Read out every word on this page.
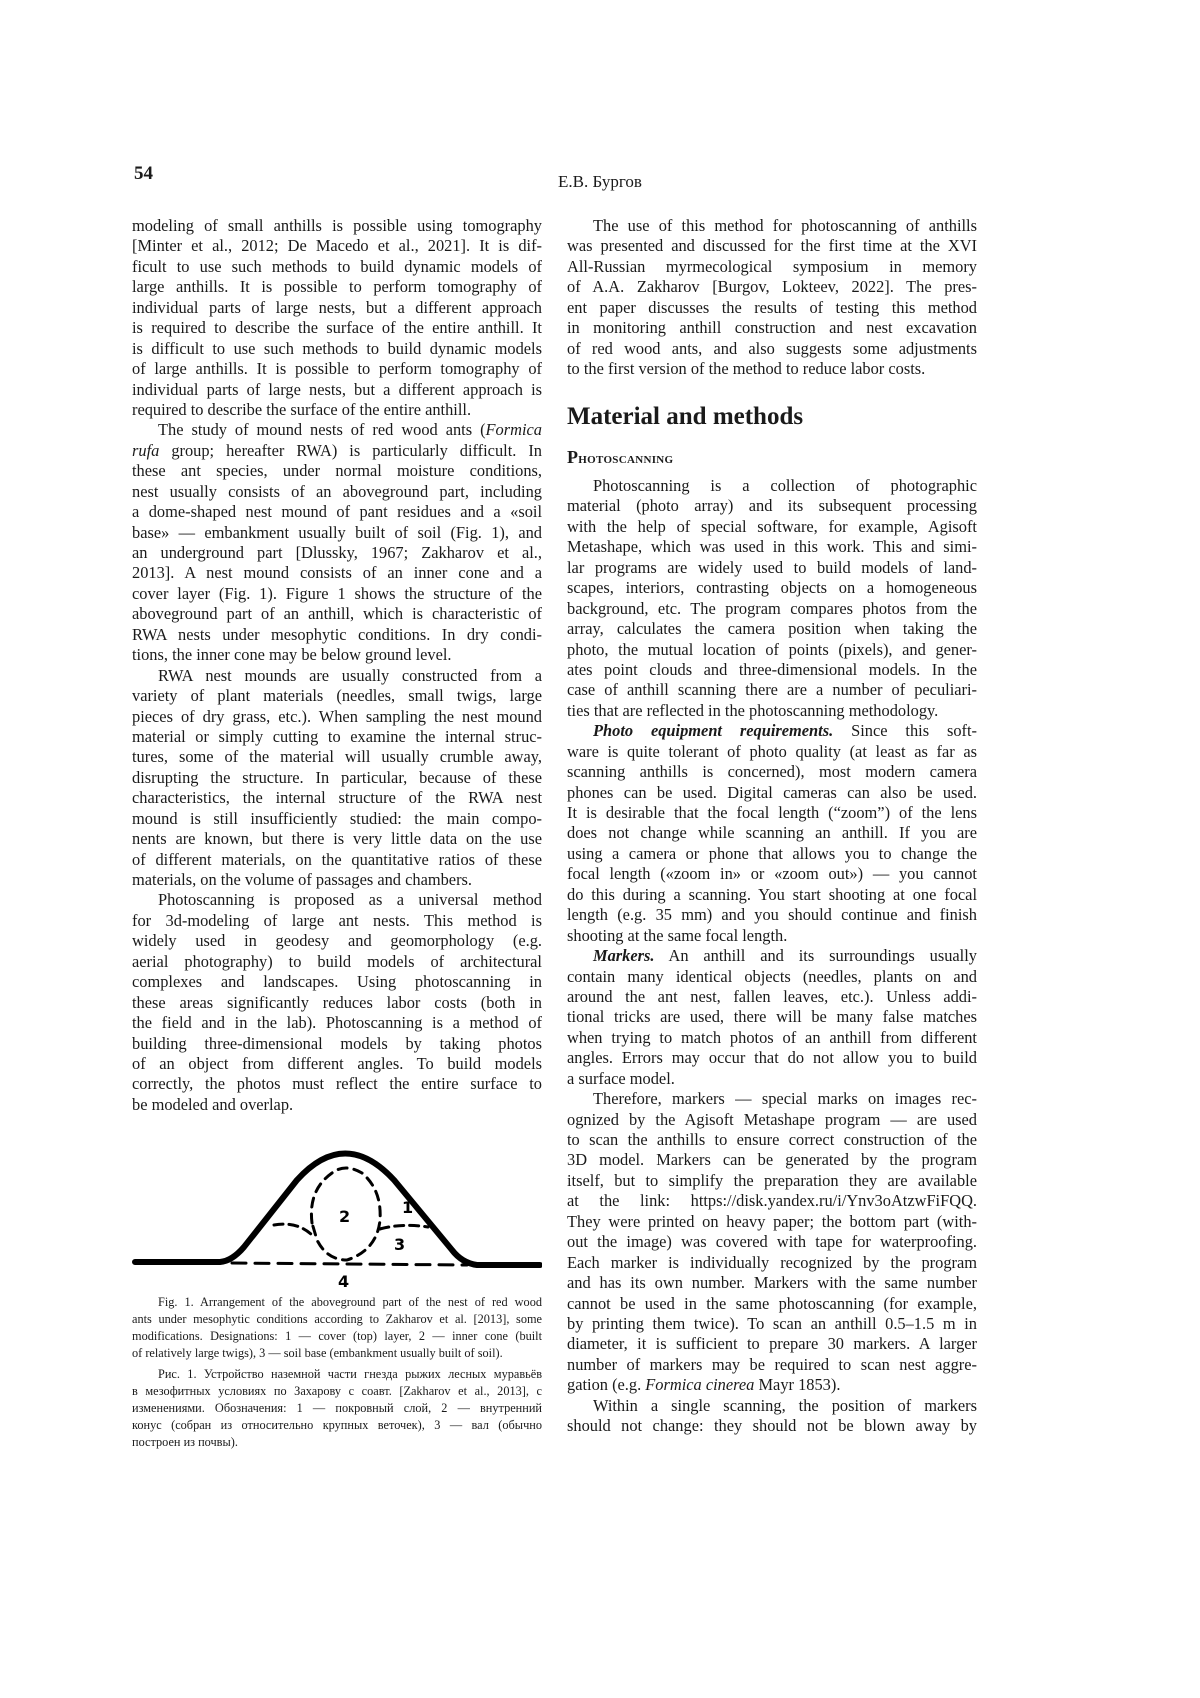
54	Е.В. Бургов
modeling of small anthills is possible using tomography
[Minter et al., 2012; De Macedo et al., 2021]. It is dif-
ficult to use such methods to build dynamic models of
large anthills. It is possible to perform tomography of
individual parts of large nests, but a different approach
is required to describe the surface of the entire anthill. It
is difficult to use such methods to build dynamic models
of large anthills. It is possible to perform tomography of
individual parts of large nests, but a different approach is
required to describe the surface of the entire anthill.
The study of mound nests of red wood ants (Formica
rufa group; hereafter RWA) is particularly difficult. In
these ant species, under normal moisture conditions,
nest usually consists of an aboveground part, including
a dome-shaped nest mound of pant residues and a «soil
base» — embankment usually built of soil (Fig. 1), and
an underground part [Dlussky, 1967; Zakharov et al.,
2013]. A nest mound consists of an inner cone and a
cover layer (Fig. 1). Figure 1 shows the structure of the
aboveground part of an anthill, which is characteristic of
RWA nests under mesophytic conditions. In dry condi-
tions, the inner cone may be below ground level.
RWA nest mounds are usually constructed from a
variety of plant materials (needles, small twigs, large
pieces of dry grass, etc.). When sampling the nest mound
material or simply cutting to examine the internal struc-
tures, some of the material will usually crumble away,
disrupting the structure. In particular, because of these
characteristics, the internal structure of the RWA nest
mound is still insufficiently studied: the main compo-
nents are known, but there is very little data on the use
of different materials, on the quantitative ratios of these
materials, on the volume of passages and chambers.
Photoscanning is proposed as a universal method
for 3d-modeling of large ant nests. This method is
widely used in geodesy and geomorphology (e.g.
aerial photography) to build models of architectural
complexes and landscapes. Using photoscanning in
these areas significantly reduces labor costs (both in
the field and in the lab). Photoscanning is a method of
building three-dimensional models by taking photos
of an object from different angles. To build models
correctly, the photos must reflect the entire surface to
be modeled and overlap.
The use of this method for photoscanning of anthills
was presented and discussed for the first time at the XVI
All-Russian myrmecological symposium in memory
of A.A. Zakharov [Burgov, Lokteev, 2022]. The pres-
ent paper discusses the results of testing this method
in monitoring anthill construction and nest excavation
of red wood ants, and also suggests some adjustments
to the first version of the method to reduce labor costs.
Material and methods
Photoscanning
Photoscanning is a collection of photographic
material (photo array) and its subsequent processing
with the help of special software, for example, Agisoft
Metashape, which was used in this work. This and simi-
lar programs are widely used to build models of land-
scapes, interiors, contrasting objects on a homogeneous
background, etc. The program compares photos from the
array, calculates the camera position when taking the
photo, the mutual location of points (pixels), and gener-
ates point clouds and three-dimensional models. In the
case of anthill scanning there are a number of peculiari-
ties that are reflected in the photoscanning methodology.
Photo equipment requirements. Since this soft-
ware is quite tolerant of photo quality (at least as far as
scanning anthills is concerned), most modern camera
phones can be used. Digital cameras can also be used.
It is desirable that the focal length (“zoom”) of the lens
does not change while scanning an anthill. If you are
using a camera or phone that allows you to change the
focal length («zoom in» or «zoom out») — you cannot
do this during a scanning. You start shooting at one focal
length (e.g. 35 mm) and you should continue and finish
shooting at the same focal length.
Markers. An anthill and its surroundings usually
contain many identical objects (needles, plants on and
around the ant nest, fallen leaves, etc.). Unless addi-
tional tricks are used, there will be many false matches
when trying to match photos of an anthill from different
angles. Errors may occur that do not allow you to build
a surface model.
Therefore, markers — special marks on images rec-
ognized by the Agisoft Metashape program — are used
to scan the anthills to ensure correct construction of the
3D model. Markers can be generated by the program
itself, but to simplify the preparation they are available
at the link: https://disk.yandex.ru/i/Ynv3oAtzwFiFQQ.
They were printed on heavy paper; the bottom part (with-
out the image) was covered with tape for waterproofing.
Each marker is individually recognized by the program
and has its own number. Markers with the same number
cannot be used in the same photoscanning (for example,
by printing them twice). To scan an anthill 0.5–1.5 m in
diameter, it is sufficient to prepare 30 markers. A larger
number of markers may be required to scan nest aggre-
gation (e.g. Formica cinerea Mayr 1853).
Within a single scanning, the position of markers
should not change: they should not be blown away by
1
2
3
4
Fig. 1. Arrangement of the aboveground part of the nest of red wood
ants under mesophytic conditions according to Zakharov et al. [2013], some
modifications. Designations: 1 — cover (top) layer, 2 — inner cone (built
of relatively large twigs), 3 — soil base (embankment usually built of soil).
Рис. 1. Устройство наземной части гнезда рыжих лесных муравьёв
в мезофитных условиях по Захарову с соавт. [Zakharov et al., 2013], с
изменениями. Обозначения: 1 — покровный слой, 2 — внутренний
конус (собран из относительно крупных веточек), 3 — вал (обычно
построен из почвы).
